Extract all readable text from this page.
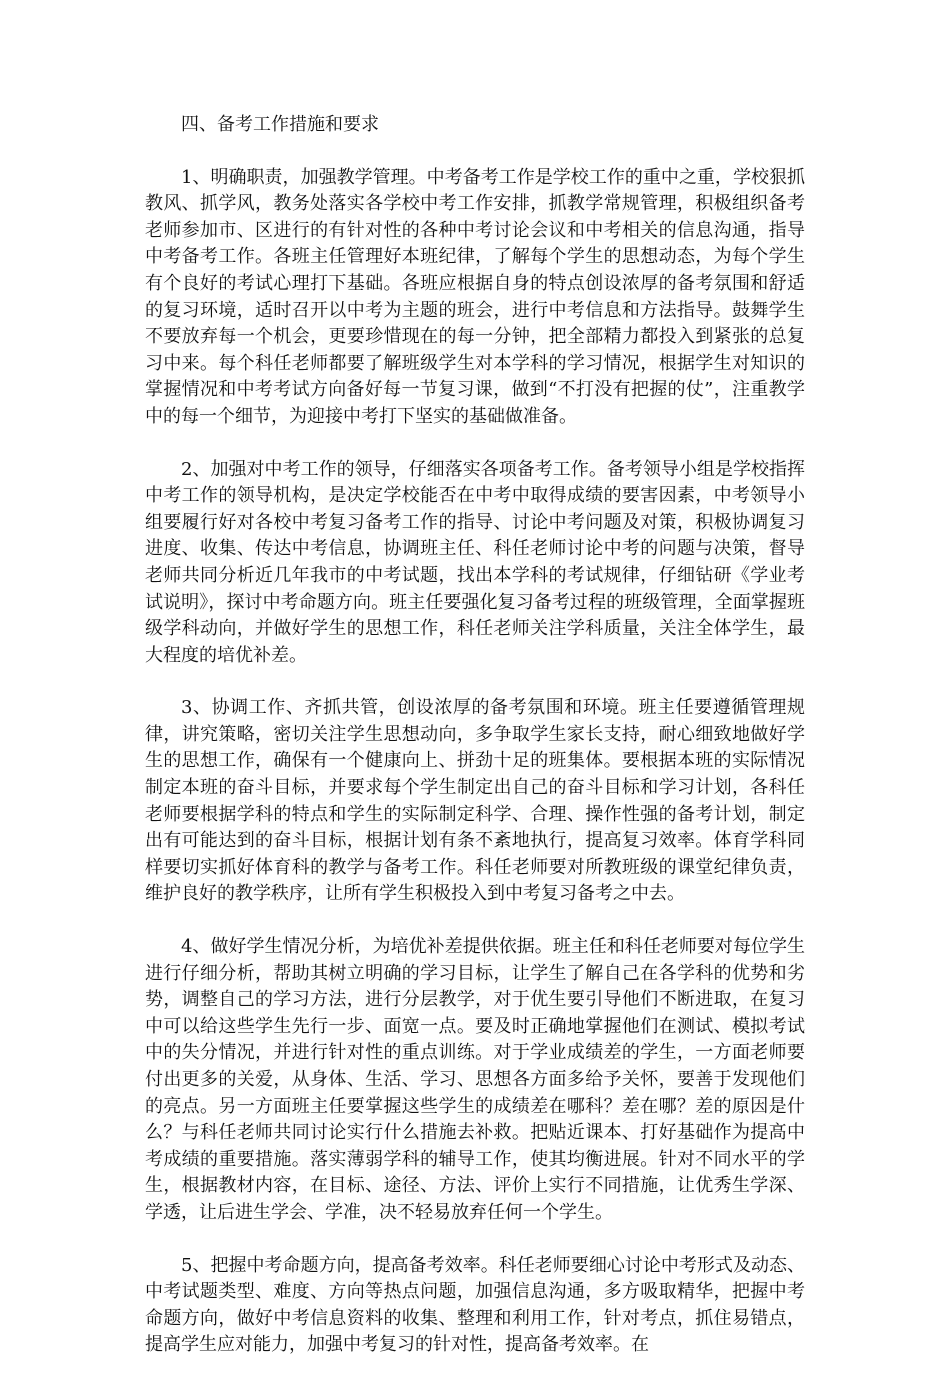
四、备考工作措施和要求

1、明确职责，加强教学管理。中考备考工作是学校工作的重中之重，学校狠抓教风、抓学风，教务处落实各学校中考工作安排，抓教学常规管理，积极组织备考老师参加市、区进行的有针对性的各种中考讨论会议和中考相关的信息沟通，指导中考备考工作。各班主任管理好本班纪律，了解每个学生的思想动态，为每个学生有个良好的考试心理打下基础。各班应根据自身的特点创设浓厚的备考氛围和舒适的复习环境，适时召开以中考为主题的班会，进行中考信息和方法指导。鼓舞学生不要放弃每一个机会，更要珍惜现在的每一分钟，把全部精力都投入到紧张的总复习中来。每个科任老师都要了解班级学生对本学科的学习情况，根据学生对知识的掌握情况和中考考试方向备好每一节复习课，做到“不打没有把握的仗”，注重教学中的每一个细节，为迎接中考打下坚实的基础做准备。

2、加强对中考工作的领导，仔细落实各项备考工作。备考领导小组是学校指挥中考工作的领导机构，是决定学校能否在中考中取得成绩的要害因素，中考领导小组要履行好对各校中考复习备考工作的指导、讨论中考问题及对策，积极协调复习进度、收集、传达中考信息，协调班主任、科任老师讨论中考的问题与决策，督导老师共同分析近几年我市的中考试题，找出本学科的考试规律，仔细钻研《学业考试说明》，探讨中考命题方向。班主任要强化复习备考过程的班级管理，全面掌握班级学科动向，并做好学生的思想工作，科任老师关注学科质量，关注全体学生，最大程度的培优补差。

3、协调工作、齐抓共管，创设浓厚的备考氛围和环境。班主任要遵循管理规律，讲究策略，密切关注学生思想动向，多争取学生家长支持，耐心细致地做好学生的思想工作，确保有一个健康向上、拼劲十足的班集体。要根据本班的实际情况制定本班的奋斗目标，并要求每个学生制定出自己的奋斗目标和学习计划，各科任老师要根据学科的特点和学生的实际制定科学、合理、操作性强的备考计划，制定出有可能达到的奋斗目标，根据计划有条不紊地执行，提高复习效率。体育学科同样要切实抓好体育科的教学与备考工作。科任老师要对所教班级的课堂纪律负责，维护良好的教学秩序，让所有学生积极投入到中考复习备考之中去。

4、做好学生情况分析，为培优补差提供依据。班主任和科任老师要对每位学生进行仔细分析，帮助其树立明确的学习目标，让学生了解自己在各学科的优势和劣势，调整自己的学习方法，进行分层教学，对于优生要引导他们不断进取，在复习中可以给这些学生先行一步、面宽一点。要及时正确地掌握他们在测试、模拟考试中的失分情况，并进行针对性的重点训练。对于学业成绩差的学生，一方面老师要付出更多的关爱，从身体、生活、学习、思想各方面多给予关怀，要善于发现他们的亮点。另一方面班主任要掌握这些学生的成绩差在哪科？差在哪？差的原因是什么？与科任老师共同讨论实行什么措施去补救。把贴近课本、打好基础作为提高中考成绩的重要措施。落实薄弱学科的辅导工作，使其均衡进展。针对不同水平的学生，根据教材内容，在目标、途径、方法、评价上实行不同措施，让优秀生学深、学透，让后进生学会、学准，决不轻易放弃任何一个学生。

5、把握中考命题方向，提高备考效率。科任老师要细心讨论中考形式及动态、中考试题类型、难度、方向等热点问题，加强信息沟通，多方吸取精华，把握中考命题方向，做好中考信息资料的收集、整理和利用工作，针对考点，抓住易错点，提高学生应对能力，加强中考复习的针对性，提高备考效率。在
